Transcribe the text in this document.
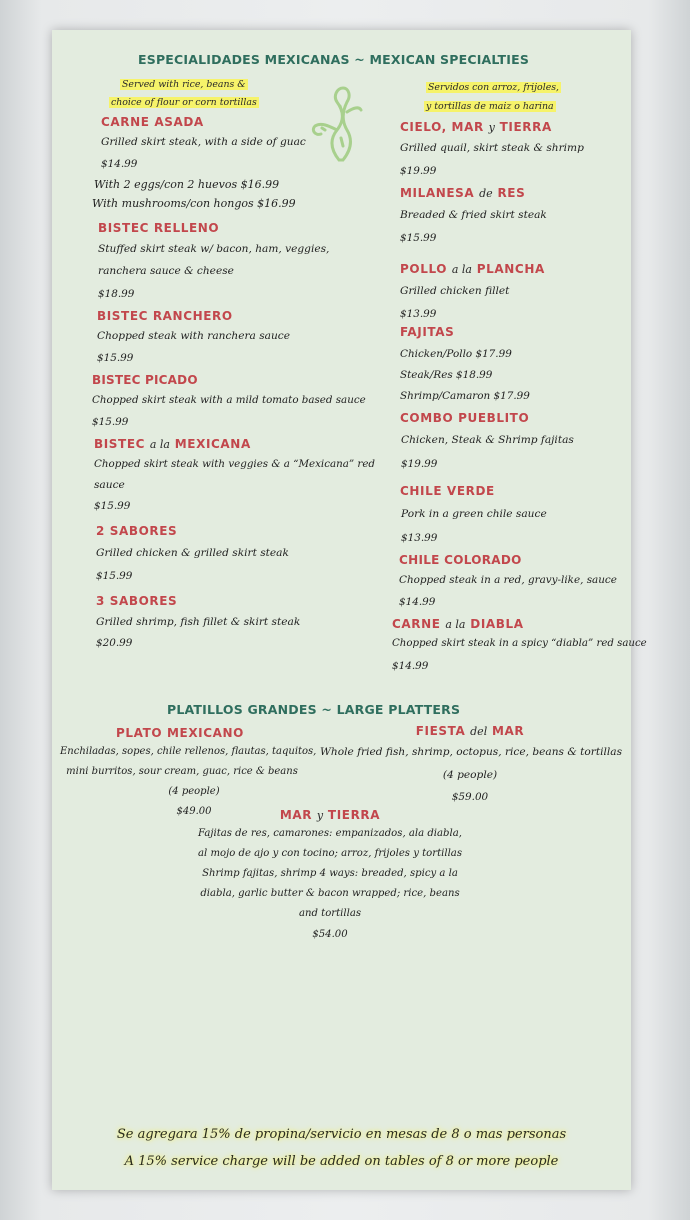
ESPECIALIDADES MEXICANAS ~ MEXICAN SPECIALTIES
Served with rice, beans &
choice of flour or corn tortillas
Servidos con arroz, frijoles,
y tortillas de maiz o harina
CARNE ASADA
Grilled skirt steak, with a side of guac
$14.99
With 2 eggs/con 2 huevos $16.99
With mushrooms/con hongos $16.99
BISTEC RELLENO
Stuffed skirt steak w/ bacon, ham, veggies,
ranchera sauce & cheese
$18.99
BISTEC RANCHERO
Chopped steak with ranchera sauce
$15.99
BISTEC PICADO
Chopped skirt steak with a mild tomato based sauce
$15.99
BISTEC a la MEXICANA
Chopped skirt steak with veggies & a “Mexicana” red
sauce
$15.99
2 SABORES
Grilled chicken & grilled skirt steak
$15.99
3 SABORES
Grilled shrimp, fish fillet & skirt steak
$20.99
CIELO, MAR y TIERRA
Grilled quail, skirt steak & shrimp
$19.99
MILANESA de RES
Breaded & fried skirt steak
$15.99
POLLO a la PLANCHA
Grilled chicken fillet
$13.99
FAJITAS
Chicken/Pollo $17.99
Steak/Res $18.99
Shrimp/Camaron $17.99
COMBO PUEBLITO
Chicken, Steak & Shrimp fajitas
$19.99
CHILE VERDE
Pork in a green chile sauce
$13.99
CHILE COLORADO
Chopped steak in a red, gravy-like, sauce
$14.99
CARNE a la DIABLA
Chopped skirt steak in a spicy “diabla” red sauce
$14.99
PLATILLOS GRANDES ~ LARGE PLATTERS
PLATO MEXICANO
Enchiladas, sopes, chile rellenos, flautas, taquitos,
mini burritos, sour cream, guac, rice & beans
(4 people)
$49.00
FIESTA del MAR
Whole fried fish, shrimp, octopus, rice, beans & tortillas
(4 people)
$59.00
MAR y TIERRA
Fajitas de res, camarones: empanizados, ala diabla,
al mojo de ajo y con tocino; arroz, frijoles y tortillas
Shrimp fajitas, shrimp 4 ways: breaded, spicy a la
diabla, garlic butter & bacon wrapped; rice, beans
and tortillas
$54.00
Se agregara 15% de propina/servicio en mesas de 8 o mas personas
A 15% service charge will be added on tables of 8 or more people
